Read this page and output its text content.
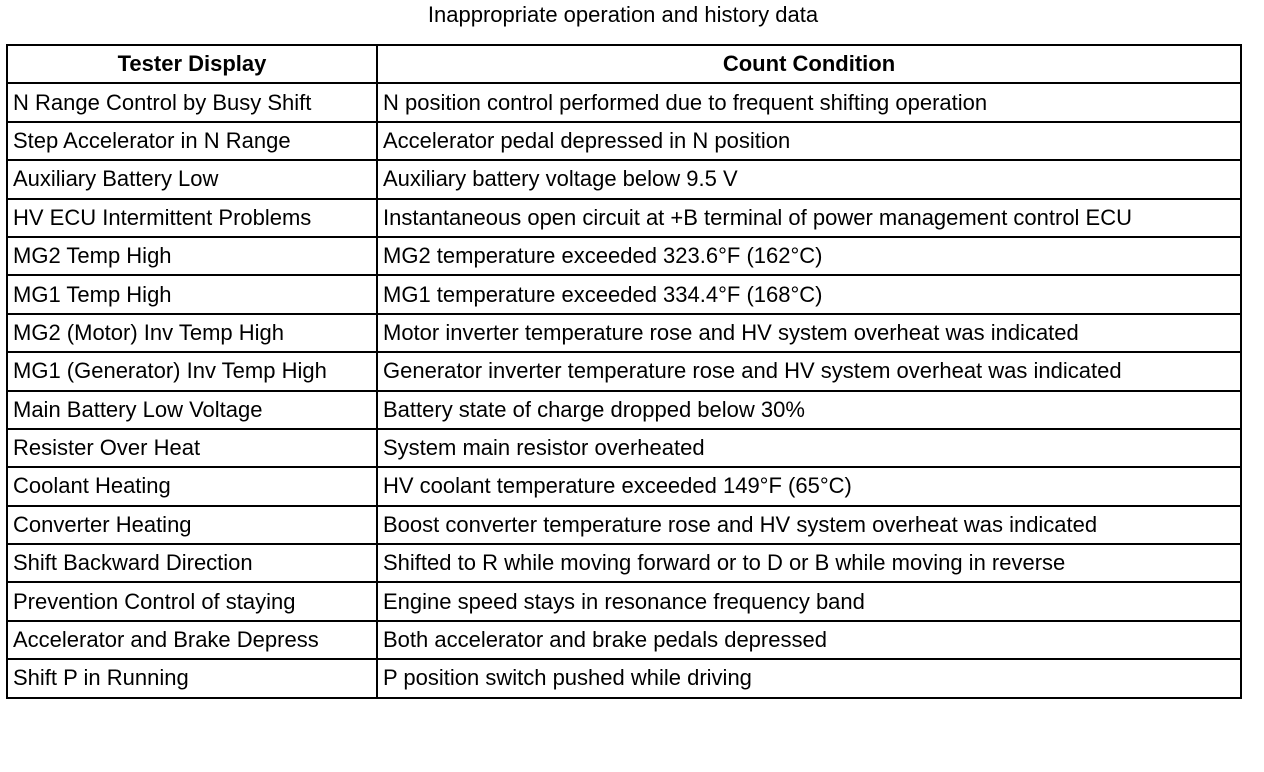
Inappropriate operation and history data
Tester Display	Count Condition
N Range Control by Busy Shift	N position control performed due to frequent shifting operation
Step Accelerator in N Range	Accelerator pedal depressed in N position
Auxiliary Battery Low	Auxiliary battery voltage below 9.5 V
HV ECU Intermittent Problems	Instantaneous open circuit at +B terminal of power management control ECU
MG2 Temp High	MG2 temperature exceeded 323.6°F (162°C)
MG1 Temp High	MG1 temperature exceeded 334.4°F (168°C)
MG2 (Motor) Inv Temp High	Motor inverter temperature rose and HV system overheat was indicated
MG1 (Generator) Inv Temp High	Generator inverter temperature rose and HV system overheat was indicated
Main Battery Low Voltage	Battery state of charge dropped below 30%
Resister Over Heat	System main resistor overheated
Coolant Heating	HV coolant temperature exceeded 149°F (65°C)
Converter Heating	Boost converter temperature rose and HV system overheat was indicated
Shift Backward Direction	Shifted to R while moving forward or to D or B while moving in reverse
Prevention Control of staying	Engine speed stays in resonance frequency band
Accelerator and Brake Depress	Both accelerator and brake pedals depressed
Shift P in Running	P position switch pushed while driving
